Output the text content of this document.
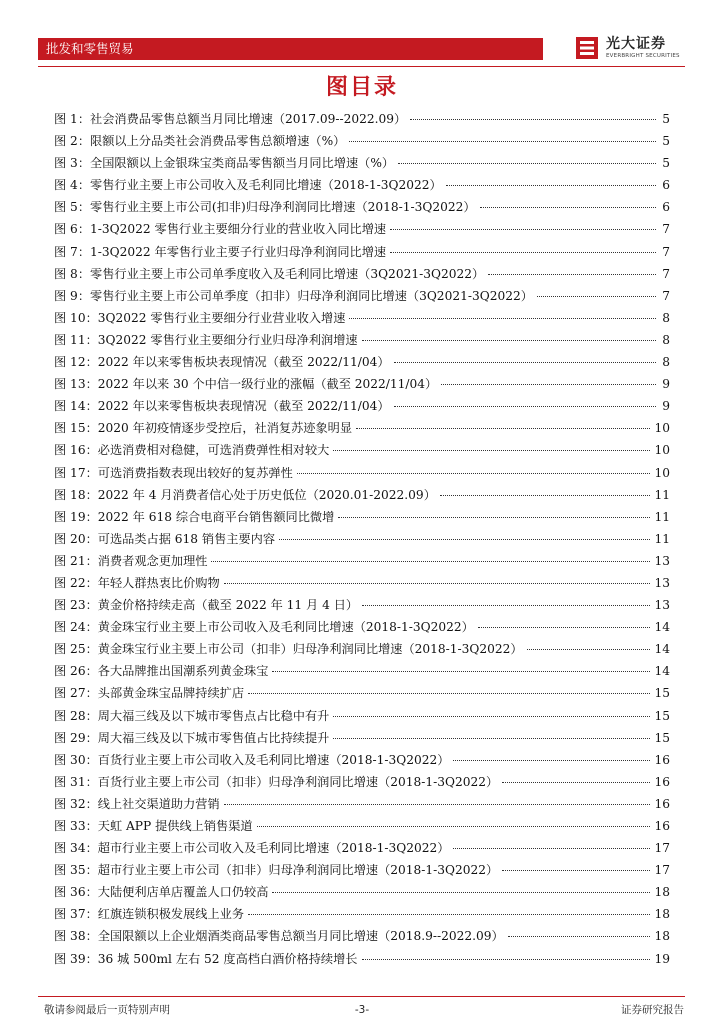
批发和零售贸易	光大证券
EVERBRIGHT SECURITIES
图目录
图 1：社会消费品零售总额当月同比增速（2017.09--2022.09）	5
图 2：限额以上分品类社会消费品零售总额增速（%）	5
图 3：全国限额以上金银珠宝类商品零售额当月同比增速（%）	5
图 4：零售行业主要上市公司收入及毛利同比增速（2018-1-3Q2022）	6
图 5：零售行业主要上市公司(扣非)归母净利润同比增速（2018-1-3Q2022）	6
图 6：1-3Q2022 零售行业主要细分行业的营业收入同比增速	7
图 7：1-3Q2022 年零售行业主要子行业归母净利润同比增速	7
图 8：零售行业主要上市公司单季度收入及毛利同比增速（3Q2021-3Q2022）	7
图 9：零售行业主要上市公司单季度（扣非）归母净利润同比增速（3Q2021-3Q2022）	7
图 10：3Q2022 零售行业主要细分行业营业收入增速	8
图 11：3Q2022 零售行业主要细分行业归母净利润增速	8
图 12：2022 年以来零售板块表现情况（截至 2022/11/04）	8
图 13：2022 年以来 30 个中信一级行业的涨幅（截至 2022/11/04）	9
图 14：2022 年以来零售板块表现情况（截至 2022/11/04）	9
图 15：2020 年初疫情逐步受控后，社消复苏迹象明显	10
图 16：必选消费相对稳健，可选消费弹性相对较大	10
图 17：可选消费指数表现出较好的复苏弹性	10
图 18：2022 年 4 月消费者信心处于历史低位（2020.01-2022.09）	11
图 19：2022 年 618 综合电商平台销售额同比微增	11
图 20：可选品类占据 618 销售主要内容	11
图 21：消费者观念更加理性	13
图 22：年轻人群热衷比价购物	13
图 23：黄金价格持续走高（截至 2022 年 11 月 4 日）	13
图 24：黄金珠宝行业主要上市公司收入及毛利同比增速（2018-1-3Q2022）	14
图 25：黄金珠宝行业主要上市公司（扣非）归母净利润同比增速（2018-1-3Q2022）	14
图 26：各大品牌推出国潮系列黄金珠宝	14
图 27：头部黄金珠宝品牌持续扩店	15
图 28：周大福三线及以下城市零售点占比稳中有升	15
图 29：周大福三线及以下城市零售值占比持续提升	15
图 30：百货行业主要上市公司收入及毛利同比增速（2018-1-3Q2022）	16
图 31：百货行业主要上市公司（扣非）归母净利润同比增速（2018-1-3Q2022）	16
图 32：线上社交渠道助力营销	16
图 33：天虹 APP 提供线上销售渠道	16
图 34：超市行业主要上市公司收入及毛利同比增速（2018-1-3Q2022）	17
图 35：超市行业主要上市公司（扣非）归母净利润同比增速（2018-1-3Q2022）	17
图 36：大陆便利店单店覆盖人口仍较高	18
图 37：红旗连锁积极发展线上业务	18
图 38：全国限额以上企业烟酒类商品零售总额当月同比增速（2018.9--2022.09）	18
图 39：36 城 500ml 左右 52 度高档白酒价格持续增长	19
敬请参阅最后一页特别声明	-3-	证券研究报告
